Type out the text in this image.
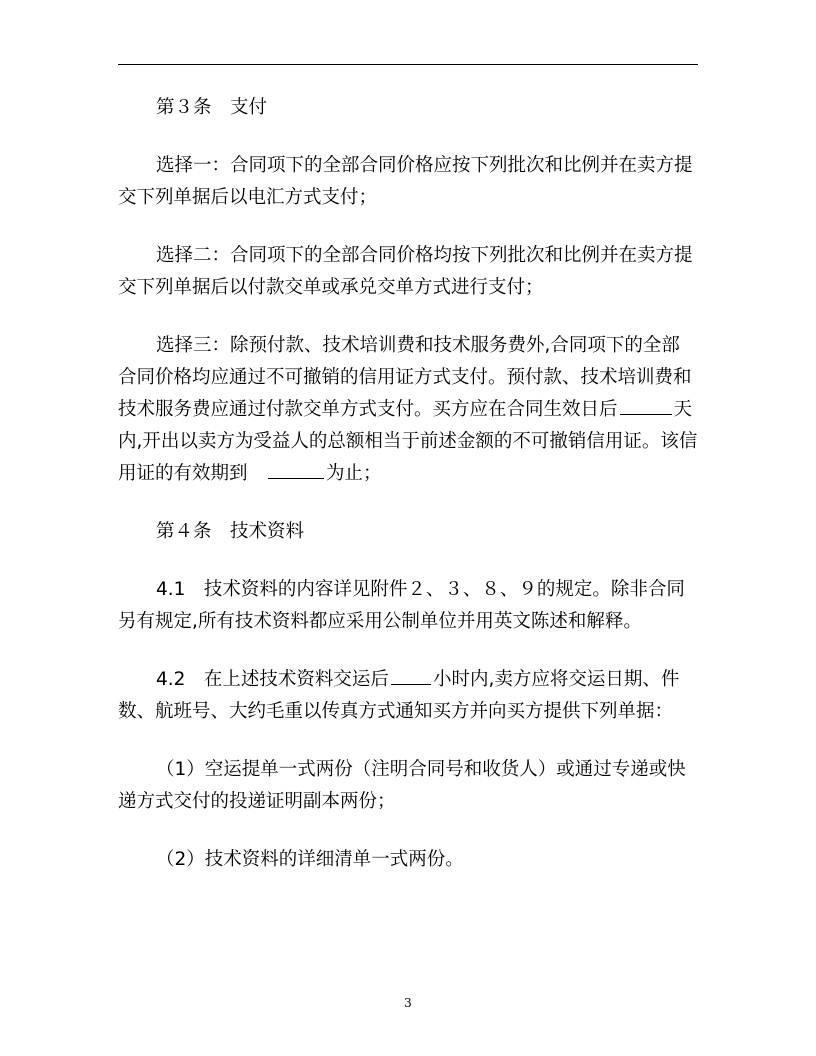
第３条　支付

选择一：合同项下的全部合同价格应按下列批次和比例并在卖方提交下列单据后以电汇方式支付；

选择二：合同项下的全部合同价格均按下列批次和比例并在卖方提交下列单据后以付款交单或承兑交单方式进行支付；

选择三：除预付款、技术培训费和技术服务费外,合同项下的全部合同价格均应通过不可撤销的信用证方式支付。预付款、技术培训费和技术服务费应通过付款交单方式支付。买方应在合同生效日后	天内,开出以卖方为受益人的总额相当于前述金额的不可撤销信用证。该信用证的有效期到　	为止；

第４条　技术资料

4.1　技术资料的内容详见附件２、３、８、９的规定。除非合同另有规定,所有技术资料都应采用公制单位并用英文陈述和解释。

4.2　在上述技术资料交运后 小时内,卖方应将交运日期、件数、航班号、大约毛重以传真方式通知买方并向买方提供下列单据：

（1）空运提单一式两份（注明合同号和收货人）或通过专递或快递方式交付的投递证明副本两份；

（2）技术资料的详细清单一式两份。

3
